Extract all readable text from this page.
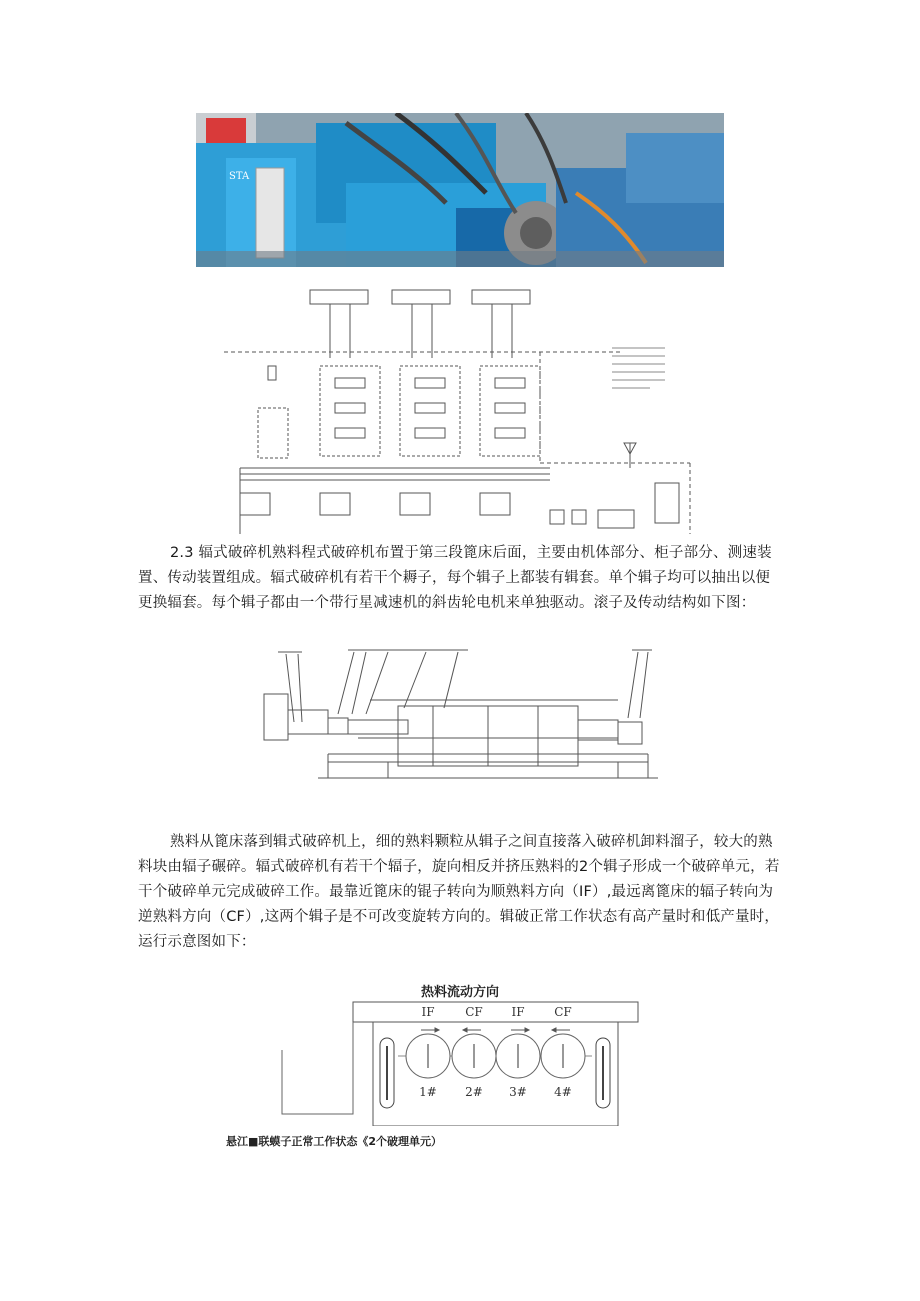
STA
2.3 辐式破碎机熟料程式破碎机布置于第三段篦床后面，主要由机体部分、柜子部分、测速装置、传动装置组成。辐式破碎机有若干个耨子，每个辑子上都装有辑套。单个辑子均可以抽出以便更换辐套。每个辑子都由一个带行星减速机的斜齿轮电机来单独驱动。滚子及传动结构如下图：
熟料从篦床落到辑式破碎机上，细的熟料颗粒从辑子之间直接落入破碎机卸料溜子，较大的熟料块由辐子碾碎。辐式破碎机有若干个辐子，旋向相反并挤压熟料的2个辑子形成一个破碎单元，若干个破碎单元完成破碎工作。最靠近篦床的锟子转向为顺熟料方向（IF）,最远离篦床的辐子转向为逆熟料方向（CF）,这两个辑子是不可改变旋转方向的。辑破正常工作状态有高产量时和低产量时，运行示意图如下：
热料流动方向
IF	CF IF CF
1# 2# 3# 4#
悬江■联蟆子正常工作状态《2个破理单元）
